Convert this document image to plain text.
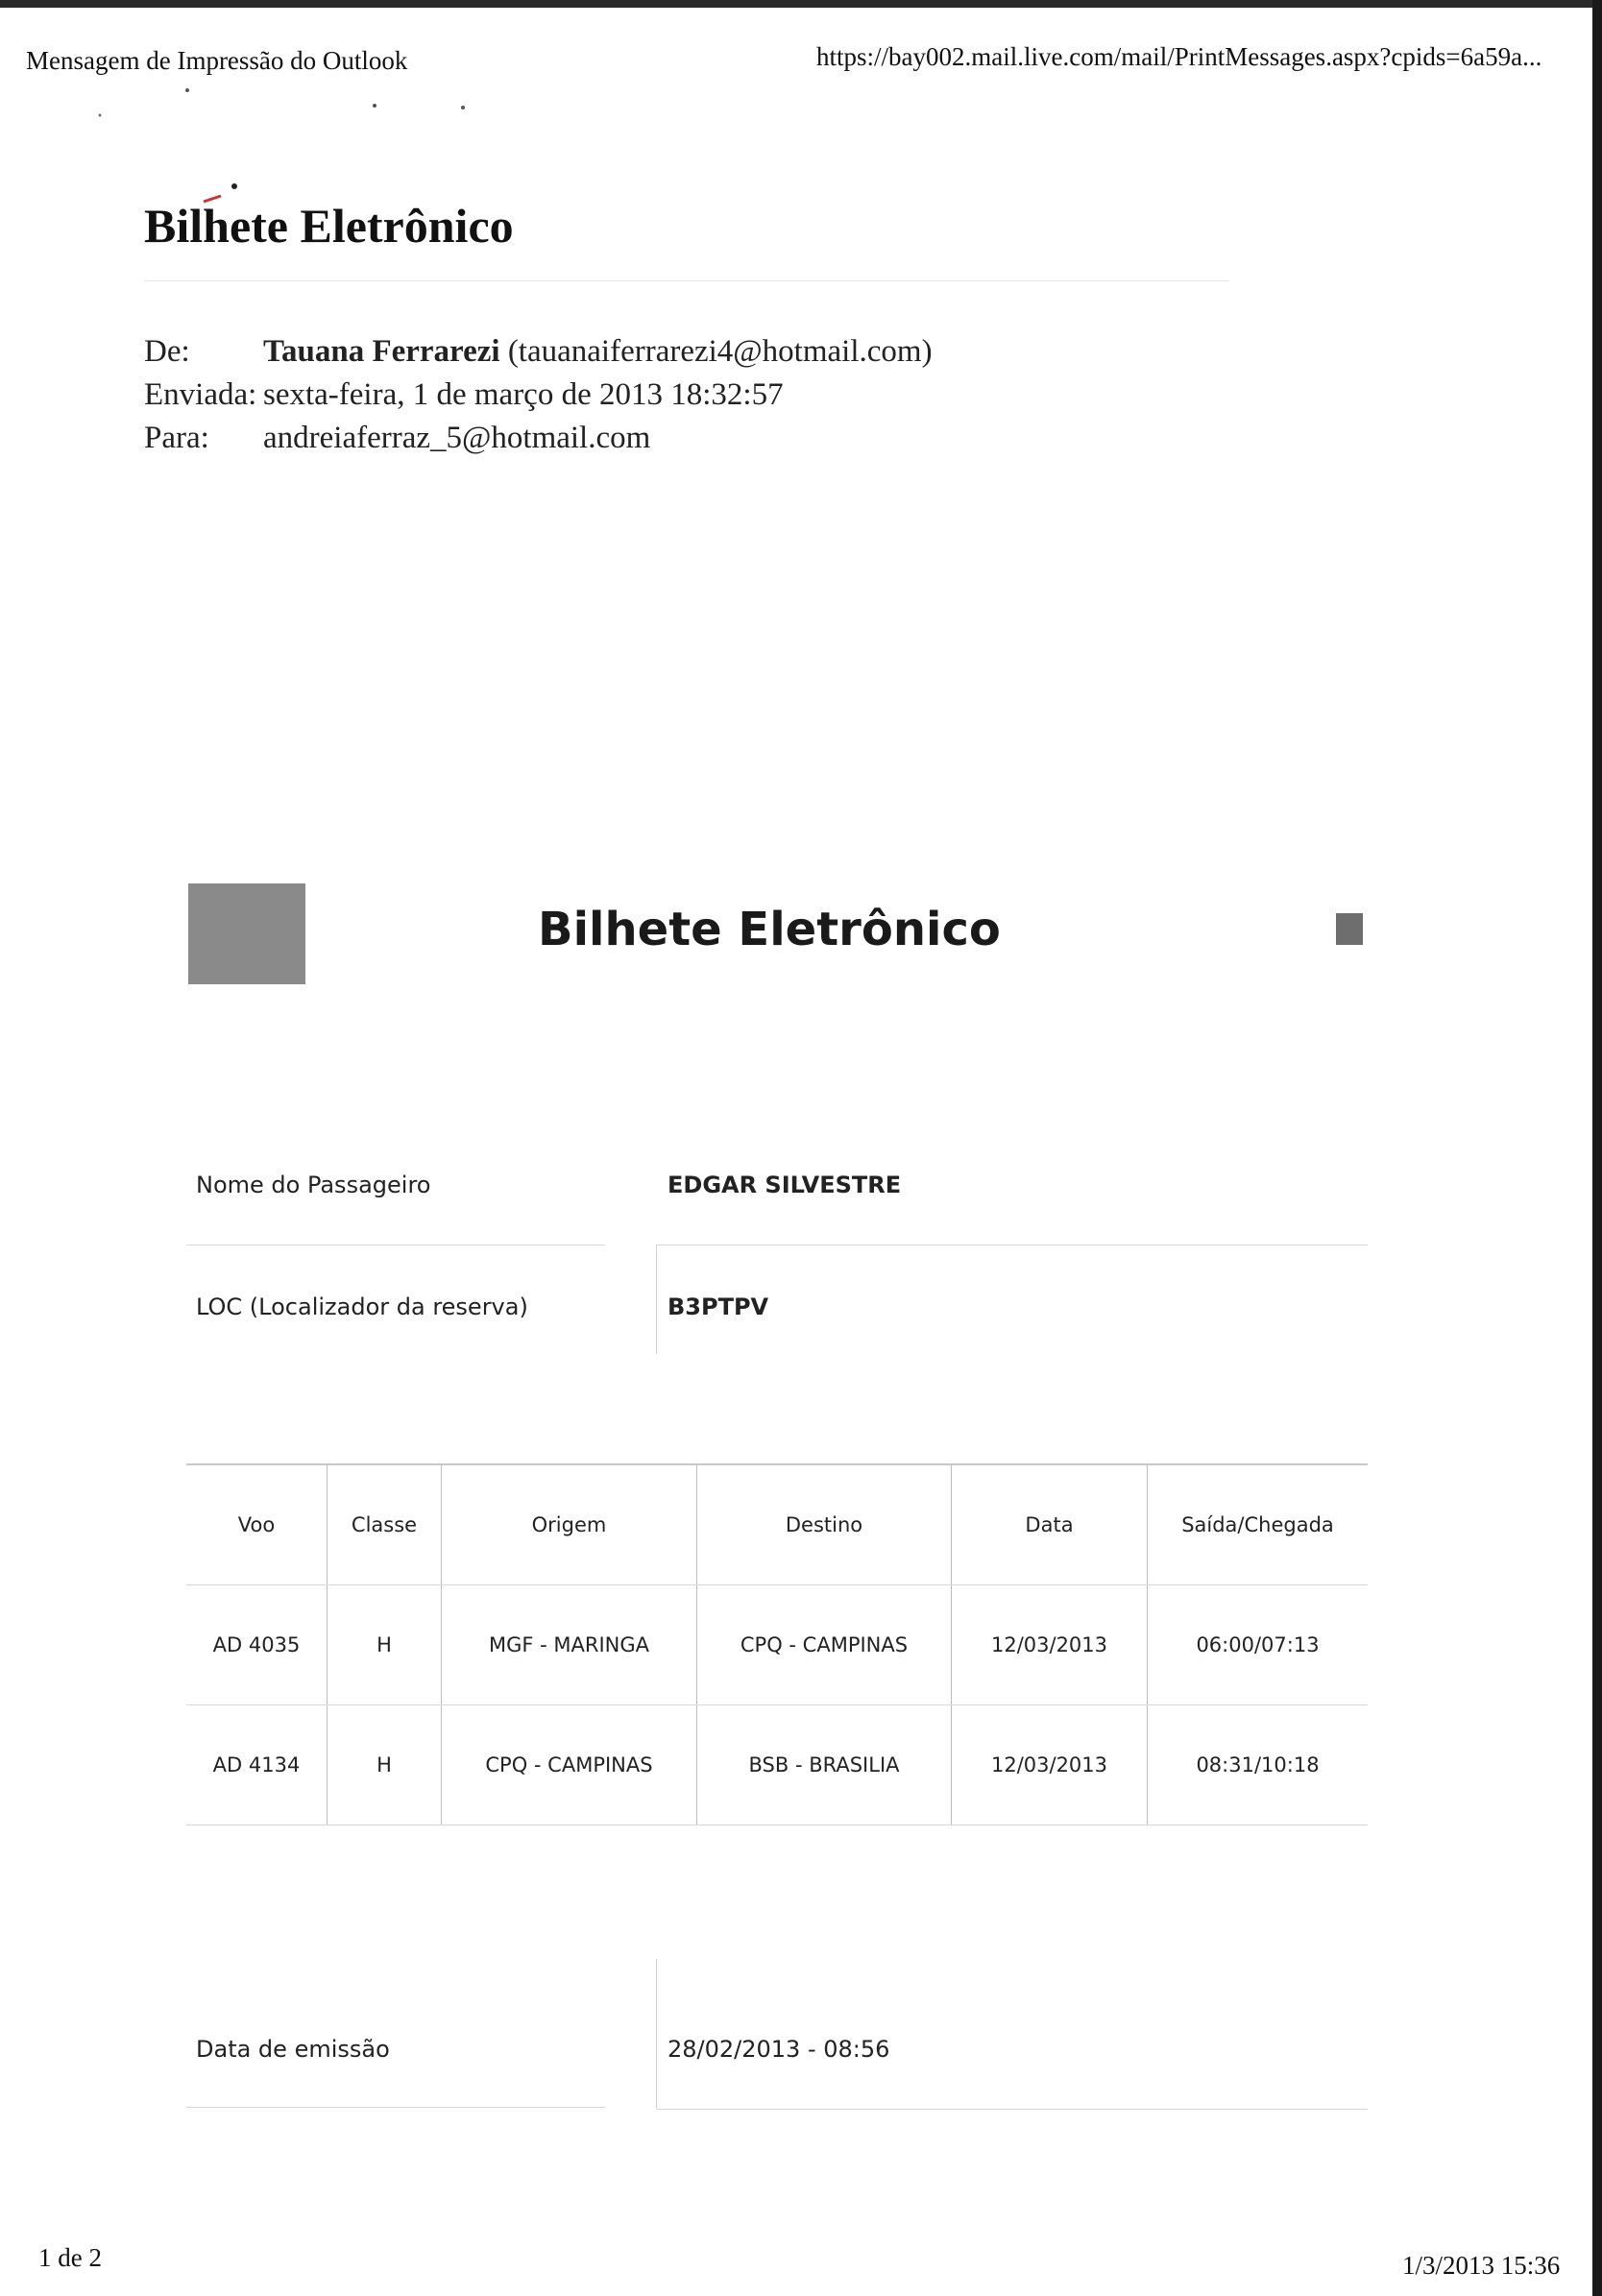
Mensagem de Impressão do Outlook	https://bay002.mail.live.com/mail/PrintMessages.aspx?cpids=6a59a...
Bilhete Eletrônico
De:	Tauana Ferrarezi (tauanaiferrarezi4@hotmail.com)
Enviada: sexta-feira, 1 de março de 2013 18:32:57
Para:	andreiaferraz_5@hotmail.com
Bilhete Eletrônico
Nome do Passageiro	EDGAR SILVESTRE
LOC (Localizador da reserva)	B3PTPV
Voo	Classe	Origem	Destino	Data	Saída/Chegada
AD 4035	H	MGF - MARINGA	CPQ - CAMPINAS	12/03/2013	06:00/07:13
AD 4134	H	CPQ - CAMPINAS	BSB - BRASILIA	12/03/2013	08:31/10:18
Data de emissão	28/02/2013 - 08:56
1 de 2	1/3/2013 15:36
